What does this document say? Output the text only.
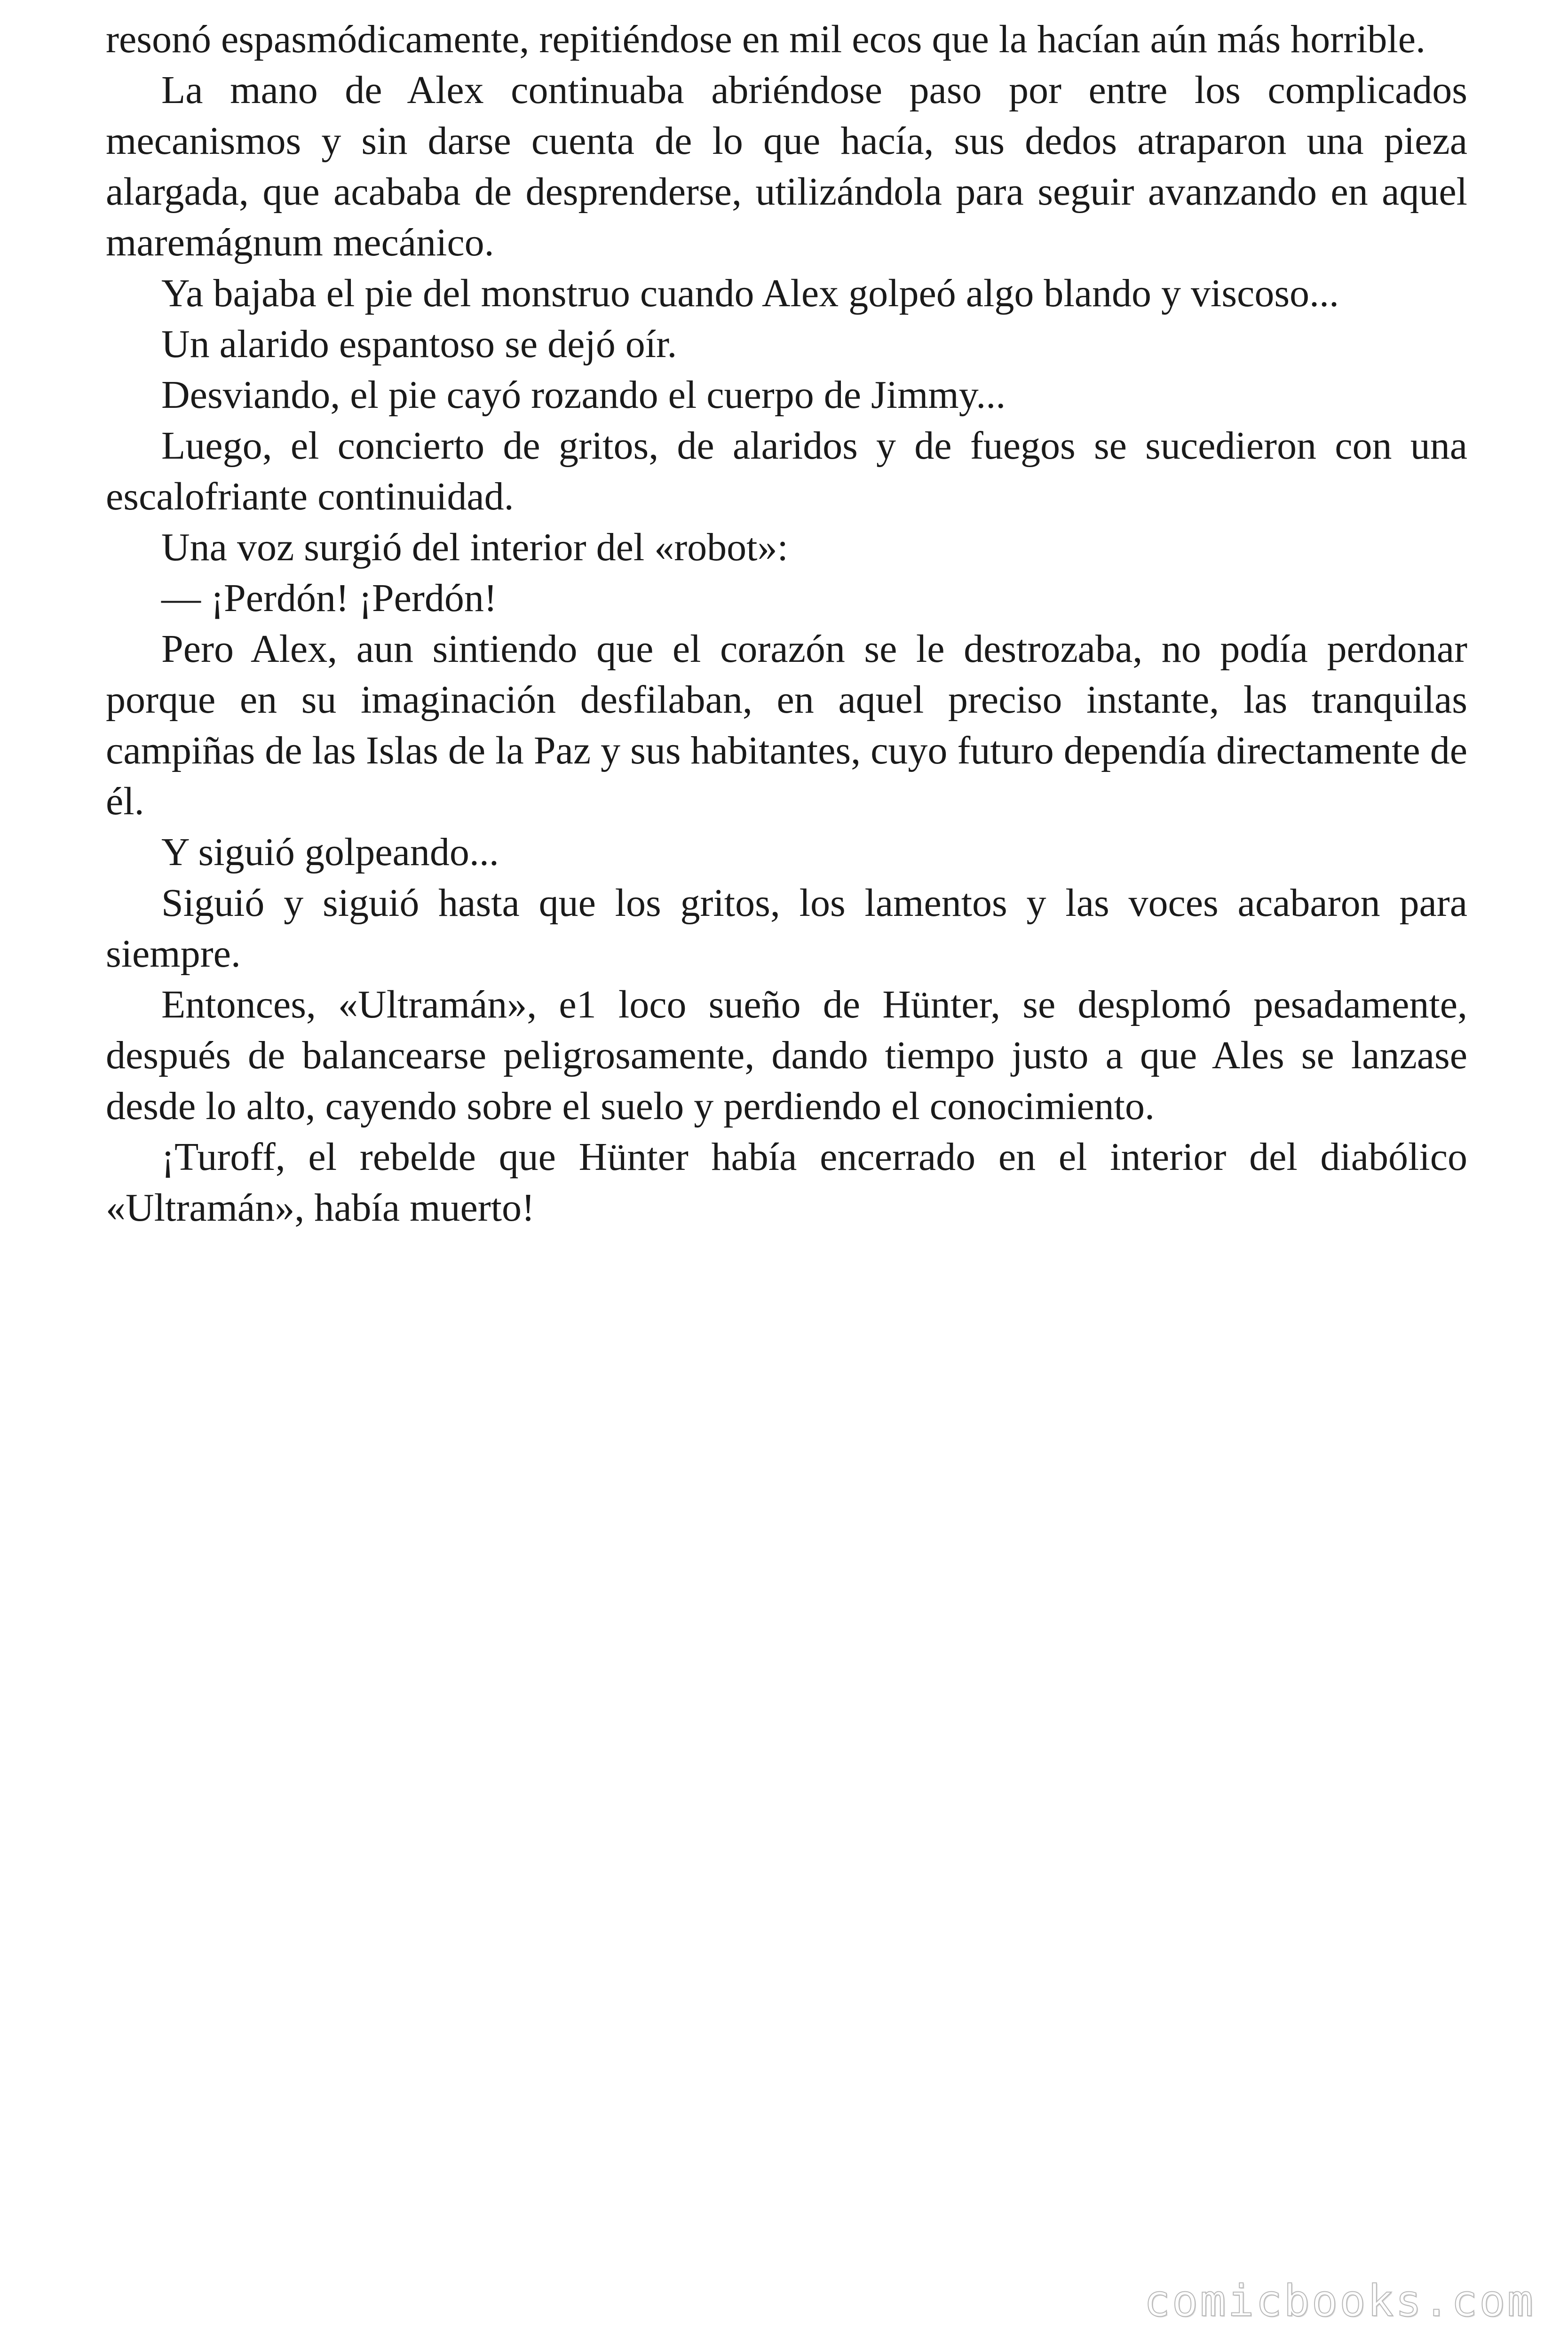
resonó espasmódicamente, repitiéndose en mil ecos que la hacían aún más horrible.

La mano de Alex continuaba abriéndose paso por entre los complicados mecanismos y sin darse cuenta de lo que hacía, sus dedos atraparon una pieza alargada, que acababa de desprenderse, utilizándola para seguir avanzando en aquel maremágnum mecánico.

Ya bajaba el pie del monstruo cuando Alex golpeó algo blando y viscoso...

Un alarido espantoso se dejó oír.

Desviando, el pie cayó rozando el cuerpo de Jimmy...

Luego, el concierto de gritos, de alaridos y de fuegos se sucedieron con una escalofriante continuidad.

Una voz surgió del interior del «robot»:

— ¡Perdón! ¡Perdón!

Pero Alex, aun sintiendo que el corazón se le destrozaba, no podía perdonar porque en su imaginación desfilaban, en aquel preciso instante, las tranquilas campiñas de las Islas de la Paz y sus habitantes, cuyo futuro dependía directamente de él.

Y siguió golpeando...

Siguió y siguió hasta que los gritos, los lamentos y las voces acabaron para siempre.

Entonces, «Ultramán», e1 loco sueño de Hünter, se desplomó pesadamente, después de balancearse peligrosamente, dando tiempo justo a que Ales se lanzase desde lo alto, cayendo sobre el suelo y perdiendo el conocimiento.

¡Turoff, el rebelde que Hünter había encerrado en el interior del diabólico «Ultramán», había muerto!

comicbooks.com
